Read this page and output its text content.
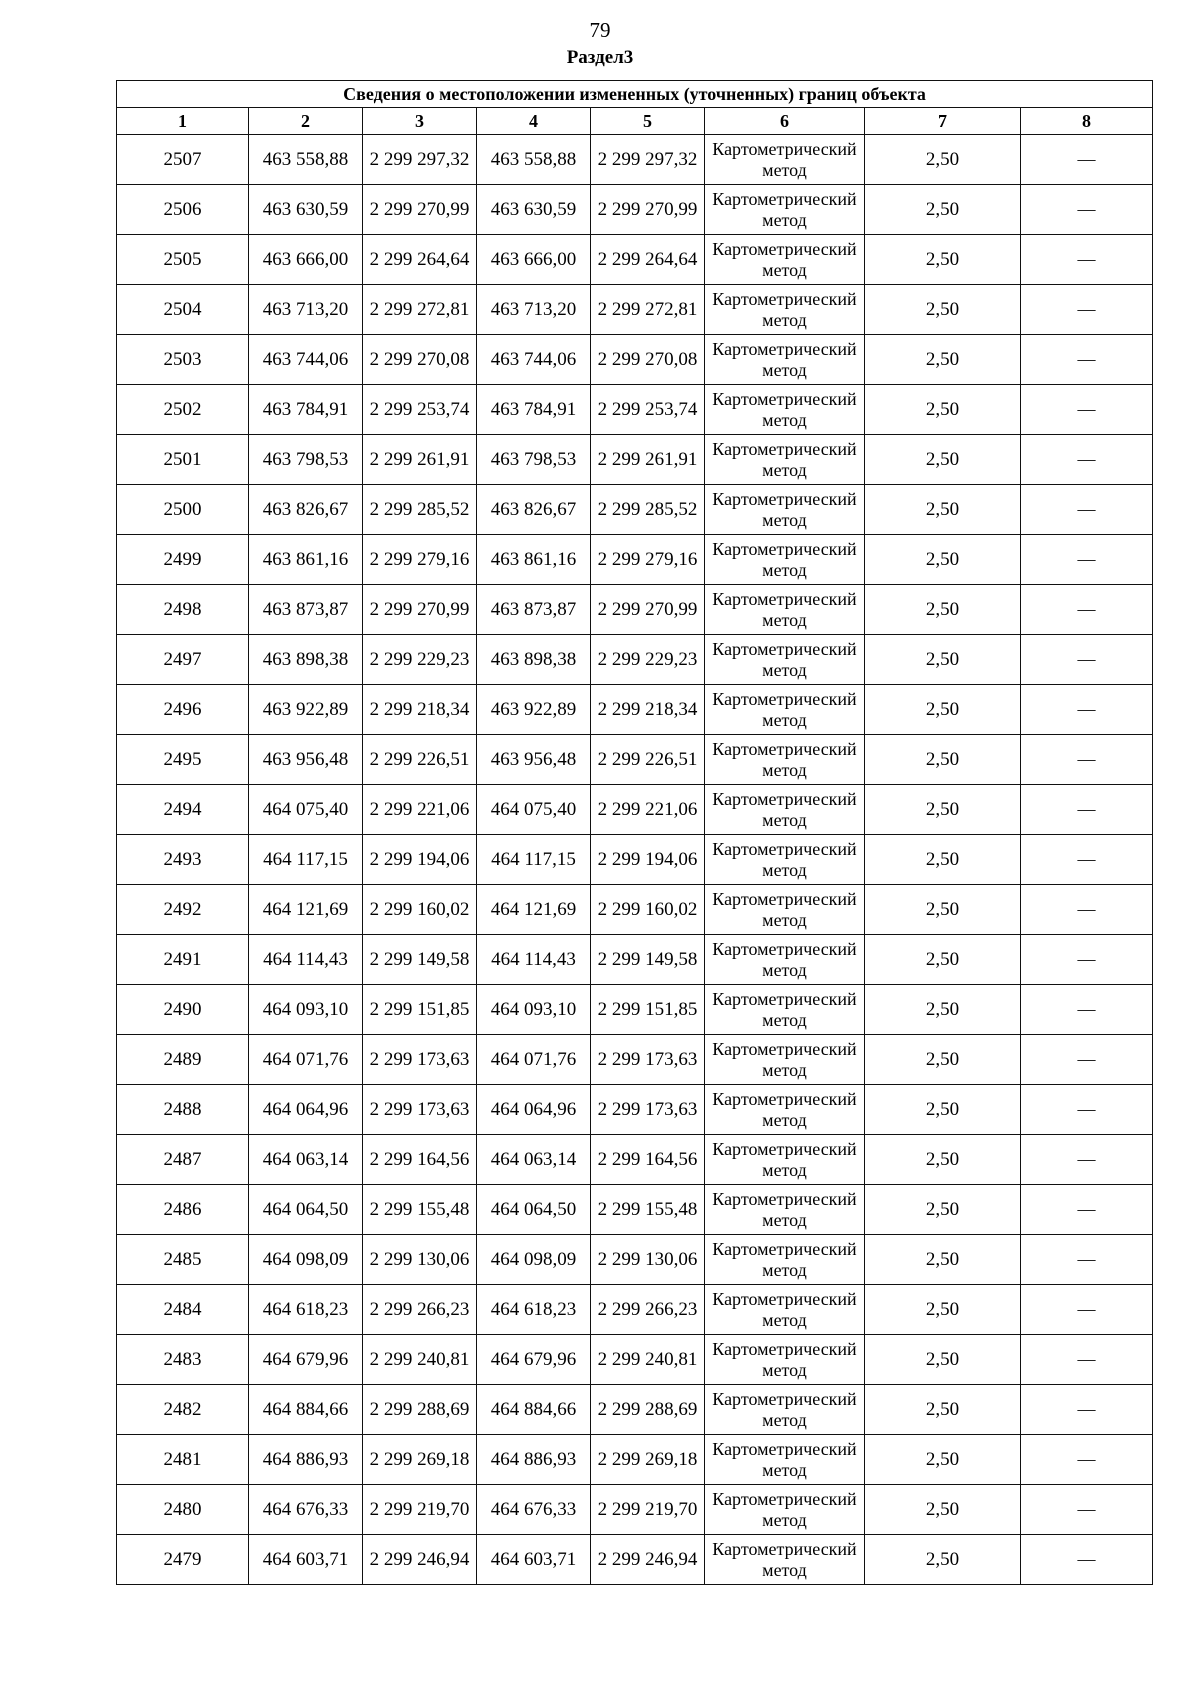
79
Раздел3
Сведения о местоположении измененных (уточненных) границ объекта							
1	2	3	4	5	6	7	8
2507	463 558,88	2 299 297,32	463 558,88	2 299 297,32	Картометрический метод	2,50	—
2506	463 630,59	2 299 270,99	463 630,59	2 299 270,99	Картометрический метод	2,50	—
2505	463 666,00	2 299 264,64	463 666,00	2 299 264,64	Картометрический метод	2,50	—
2504	463 713,20	2 299 272,81	463 713,20	2 299 272,81	Картометрический метод	2,50	—
2503	463 744,06	2 299 270,08	463 744,06	2 299 270,08	Картометрический метод	2,50	—
2502	463 784,91	2 299 253,74	463 784,91	2 299 253,74	Картометрический метод	2,50	—
2501	463 798,53	2 299 261,91	463 798,53	2 299 261,91	Картометрический метод	2,50	—
2500	463 826,67	2 299 285,52	463 826,67	2 299 285,52	Картометрический метод	2,50	—
2499	463 861,16	2 299 279,16	463 861,16	2 299 279,16	Картометрический метод	2,50	—
2498	463 873,87	2 299 270,99	463 873,87	2 299 270,99	Картометрический метод	2,50	—
2497	463 898,38	2 299 229,23	463 898,38	2 299 229,23	Картометрический метод	2,50	—
2496	463 922,89	2 299 218,34	463 922,89	2 299 218,34	Картометрический метод	2,50	—
2495	463 956,48	2 299 226,51	463 956,48	2 299 226,51	Картометрический метод	2,50	—
2494	464 075,40	2 299 221,06	464 075,40	2 299 221,06	Картометрический метод	2,50	—
2493	464 117,15	2 299 194,06	464 117,15	2 299 194,06	Картометрический метод	2,50	—
2492	464 121,69	2 299 160,02	464 121,69	2 299 160,02	Картометрический метод	2,50	—
2491	464 114,43	2 299 149,58	464 114,43	2 299 149,58	Картометрический метод	2,50	—
2490	464 093,10	2 299 151,85	464 093,10	2 299 151,85	Картометрический метод	2,50	—
2489	464 071,76	2 299 173,63	464 071,76	2 299 173,63	Картометрический метод	2,50	—
2488	464 064,96	2 299 173,63	464 064,96	2 299 173,63	Картометрический метод	2,50	—
2487	464 063,14	2 299 164,56	464 063,14	2 299 164,56	Картометрический метод	2,50	—
2486	464 064,50	2 299 155,48	464 064,50	2 299 155,48	Картометрический метод	2,50	—
2485	464 098,09	2 299 130,06	464 098,09	2 299 130,06	Картометрический метод	2,50	—
2484	464 618,23	2 299 266,23	464 618,23	2 299 266,23	Картометрический метод	2,50	—
2483	464 679,96	2 299 240,81	464 679,96	2 299 240,81	Картометрический метод	2,50	—
2482	464 884,66	2 299 288,69	464 884,66	2 299 288,69	Картометрический метод	2,50	—
2481	464 886,93	2 299 269,18	464 886,93	2 299 269,18	Картометрический метод	2,50	—
2480	464 676,33	2 299 219,70	464 676,33	2 299 219,70	Картометрический метод	2,50	—
2479	464 603,71	2 299 246,94	464 603,71	2 299 246,94	Картометрический метод	2,50	—
